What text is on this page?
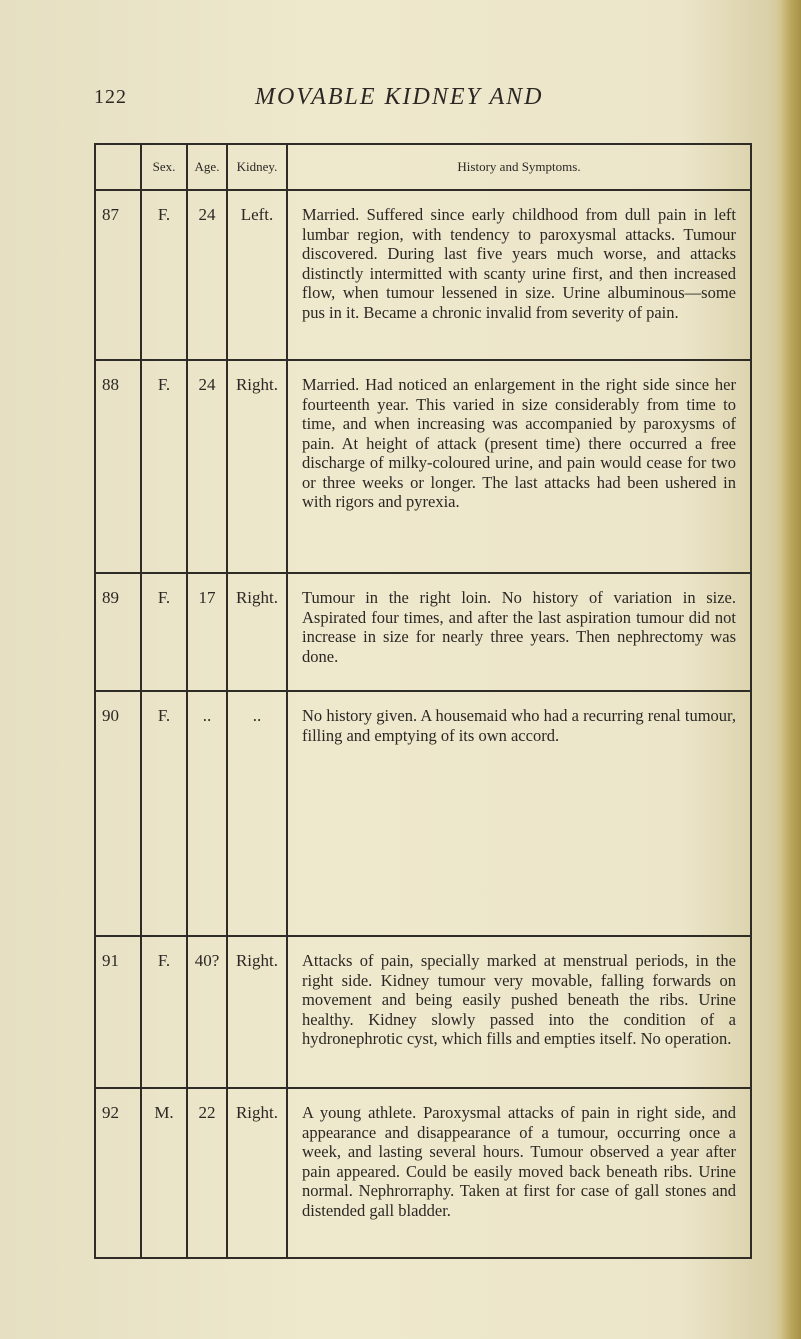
122	MOVABLE KIDNEY AND
	Sex.	Age.	Kidney.	History and Symptoms.
87	F.	24	Left.	Married. Suffered since early childhood from dull pain in left lumbar region, with tendency to paroxysmal attacks. Tumour discovered. During last five years much worse, and attacks distinctly intermitted with scanty urine first, and then increased flow, when tumour lessened in size. Urine albuminous—some pus in it. Became a chronic invalid from severity of pain.
88	F.	24	Right.	Married. Had noticed an enlargement in the right side since her fourteenth year. This varied in size considerably from time to time, and when increasing was accompanied by paroxysms of pain. At height of attack (present time) there occurred a free discharge of milky-coloured urine, and pain would cease for two or three weeks or longer. The last attacks had been ushered in with rigors and pyrexia.
89	F.	17	Right.	Tumour in the right loin. No history of variation in size. Aspirated four times, and after the last aspiration tumour did not increase in size for nearly three years. Then nephrectomy was done.
90	F.	..	..	No history given. A housemaid who had a recurring renal tumour, filling and emptying of its own accord.
91	F.	40?	Right.	Attacks of pain, specially marked at menstrual periods, in the right side. Kidney tumour very movable, falling forwards on movement and being easily pushed beneath the ribs. Urine healthy. Kidney slowly passed into the condition of a hydronephrotic cyst, which fills and empties itself. No operation.
92	M.	22	Right.	A young athlete. Paroxysmal attacks of pain in right side, and appearance and disappearance of a tumour, occurring once a week, and lasting several hours. Tumour observed a year after pain appeared. Could be easily moved back beneath ribs. Urine normal. Nephrorraphy. Taken at first for case of gall stones and distended gall bladder.
